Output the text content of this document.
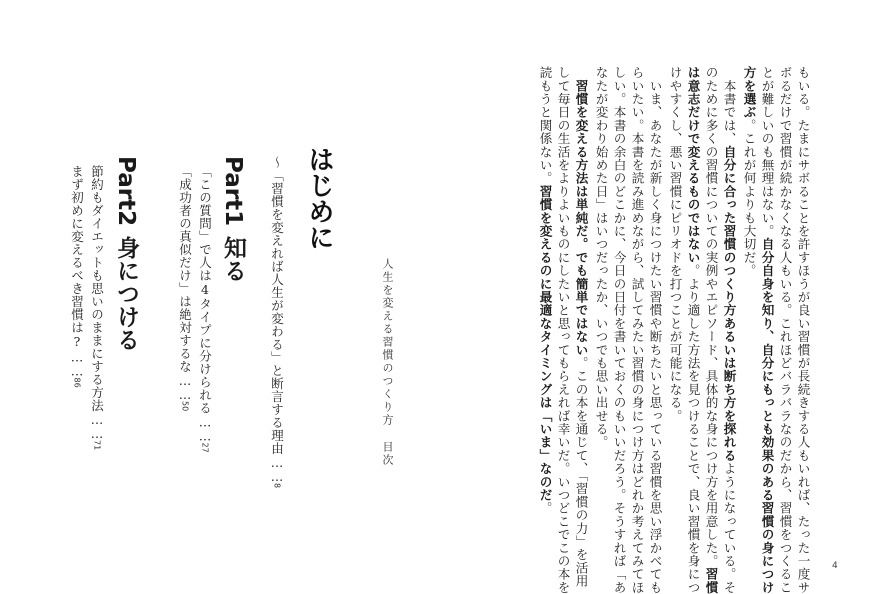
人生を変える習慣のつくり方目次
はじめに
〜「習慣を変えれば人生が変わる」と断言する理由……8
Part1知る
「この質問」で人は4タイプに分けられる……27
「成功者の真似だけ」は絶対するな……50
Part2身につける
節約もダイエットも思いのままにする方法……71
まず初めに変えるべき習慣は?……86	もいる。たまにサボることを許すほうが良い習慣が長続きする人もいれば、たった一度サ
ボるだけで習慣が続かなくなる人もいる。これほどバラバラなのだから、習慣をつくるこ
とが難しいのも無理はない。自分自身を知り、自分にもっとも効果のある習慣の身につけ
方を選ぶ。これが何よりも大切だ。
　本書では、自分に合った習慣のつくり方あるいは断ち方を探れるようになっている。そ
のために多くの習慣についての実例やエピソード、具体的な身につけ方を用意した。習慣
は意志だけで変えるものではない。より適した方法を見つけることで、良い習慣を身につ
けやすくし、悪い習慣にピリオドを打つことが可能になる。
　いま、あなたが新しく身につけたい習慣や断ちたいと思っている習慣を思い浮かべても
らいたい。本書を読み進めながら、試してみたい習慣の身につけ方はどれか考えてみてほ
しい。本書の余白のどこかに、今日の日付を書いておくのもいいだろう。そうすれば「あ
なたが変わり始めた日」はいつだったか、いつでも思い出せる。
　習慣を変える方法は単純だ。でも簡単ではない。この本を通じて、「習慣の力」を活用
して毎日の生活をよりよいものにしたいと思ってもらえれば幸いだ。いつどこでこの本を
読もうと関係ない。習慣を変えるのに最適なタイミングは「いま」なのだ。
4
